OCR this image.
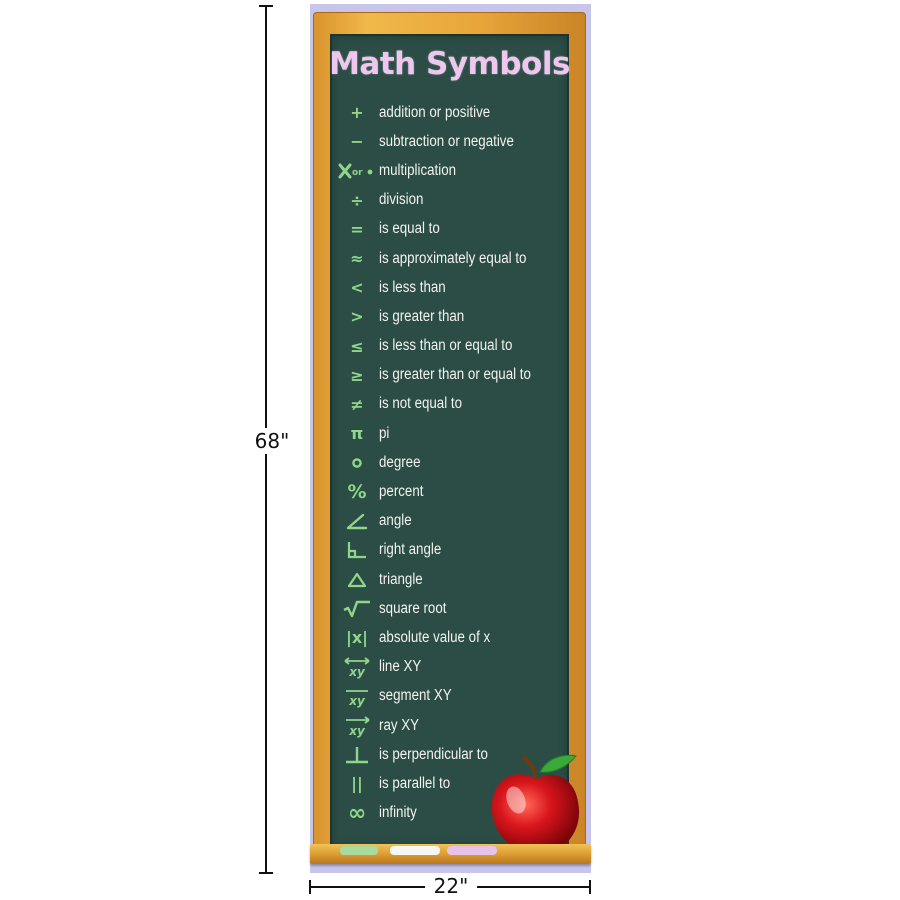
68"
22"
Math Symbols
+ addition or positive
− subtraction or negative
or multiplication
÷ division
= is equal to
≈ is approximately equal to
< is less than
> is greater than
≤ is less than or equal to
≥ is greater than or equal to
≠ is not equal to
π	pi
degree
% percent
angle
right angle
triangle
square root
|x| absolute value of x
xy line XY
xy segment XY
xy ray XY
is perpendicular to
||	is parallel to
∞ infinity
